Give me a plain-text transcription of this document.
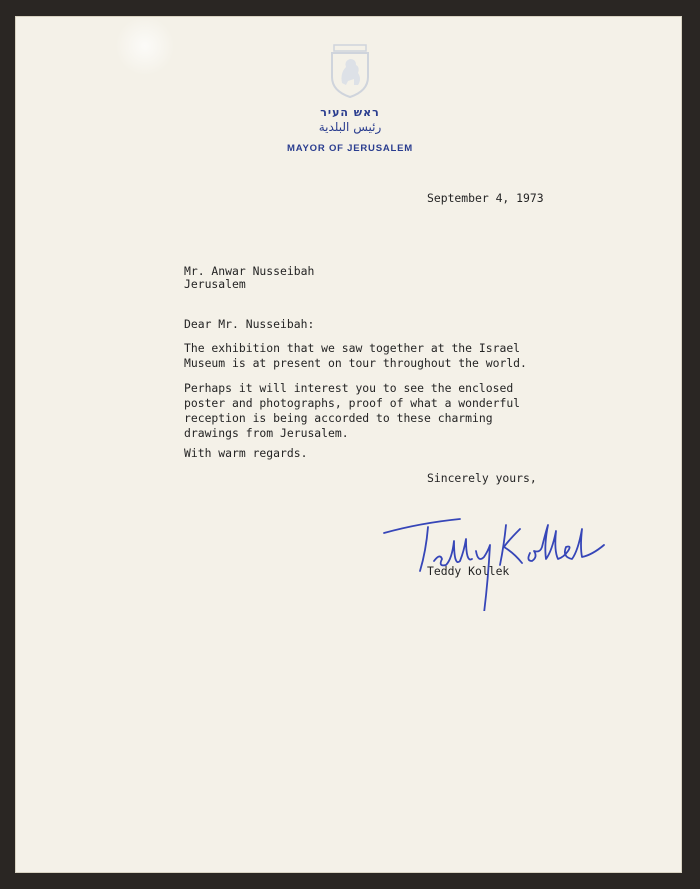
ראש העיר
رئيس البلدية
MAYOR OF JERUSALEM
September 4, 1973
Mr. Anwar Nusseibah
Jerusalem
Dear Mr. Nusseibah:
The exhibition that we saw together at the Israel
Museum is at present on tour throughout the world.
Perhaps it will interest you to see the enclosed
poster and photographs, proof of what a wonderful
reception is being accorded to these charming
drawings from Jerusalem.
With warm regards.
Sincerely yours,
Teddy Kollek
